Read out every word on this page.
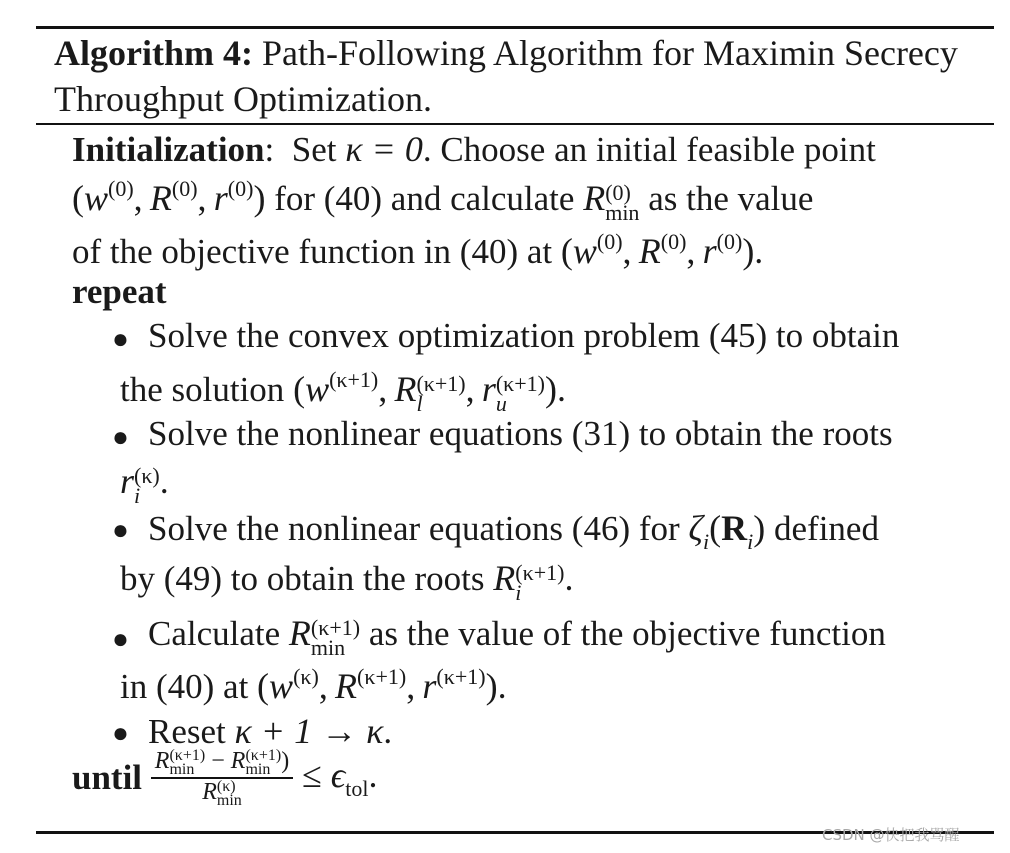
Algorithm 4: Path-Following Algorithm for Maximin Secrecy Throughput Optimization.
Initialization: Set κ = 0. Choose an initial feasible point
($w^{(0)}$, $R^{(0)}$, $r^{(0)}$) for (40) and calculate R (0)
min as the value
of the objective function in (40) at ($w^{(0)}$, $R^{(0)}$, $r^{(0)}$).
repeat
● Solve the convex optimization problem (45) to obtain
the solution ($w^{(\kappa+1)}$, R (κ+1)
l	, r (κ+1)
u	).
● Solve the nonlinear equations (31) to obtain the roots
r (κ)
i .
● Solve the nonlinear equations (46) for $\zeta_i(R_i)$ defined
by (49) to obtain the roots R (κ+1)
i	.
● Calculate R (κ+1)
min as the value of the objective function
in (40) at ($w^{(\kappa)}$, $R^{(\kappa+1)}$, $r^{(\kappa+1)}$).
● Reset κ + 1 → κ.
until R (κ+1)
min − R (κ+1)
min )
R (κ)
$\min \le \epsilon_{tol}$.
CSDN @快把我骂醒
